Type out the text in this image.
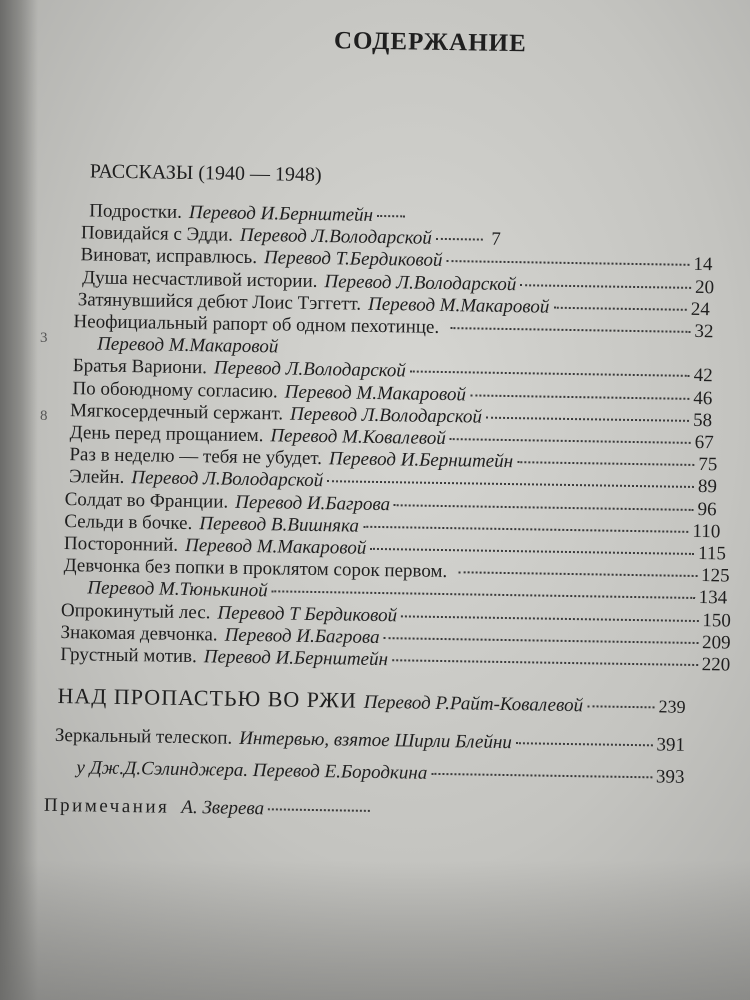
3
8
СОДЕРЖАНИЕ
РАССКАЗЫ (1940 — 1948)
Подростки. Перевод И.Бернштейн
Повидайся с Эдди. Перевод Л.Володарской	7
Виноват, исправлюсь. Перевод Т.Бердиковой	14
Душа несчастливой истории. Перевод Л.Володарской	20
Затянувшийся дебют Лоис Тэггетт. Перевод М.Макаровой	24
Неофициальный рапорт об одном пехотинце.	32
Перевод М.Макаровой
Братья Вариони. Перевод Л.Володарской	42
По обоюдному согласию. Перевод М.Макаровой	46
Мягкосердечный сержант. Перевод Л.Володарской	58
День перед прощанием. Перевод М.Ковалевой	67
Раз в неделю — тебя не убудет. Перевод И.Бернштейн	75
Элейн. Перевод Л.Володарской	89
Солдат во Франции. Перевод И.Багрова	96
Сельди в бочке. Перевод В.Вишняка	110
Посторонний. Перевод М.Макаровой	115
Девчонка без попки в проклятом сорок первом.	125
Перевод М.Тюнькиной	134
Опрокинутый лес. Перевод Т Бердиковой	150
Знакомая девчонка. Перевод И.Багрова	209
Грустный мотив. Перевод И.Бернштейн	220
НАД ПРОПАСТЬЮ ВО РЖИ Перевод Р.Райт-Ковалевой	239
Зеркальный телескоп. Интервью, взятое Ширли Блейни	391
у Дж.Д.Сэлинджера. Перевод Е.Бородкина	393
Примечания А. Зверева
